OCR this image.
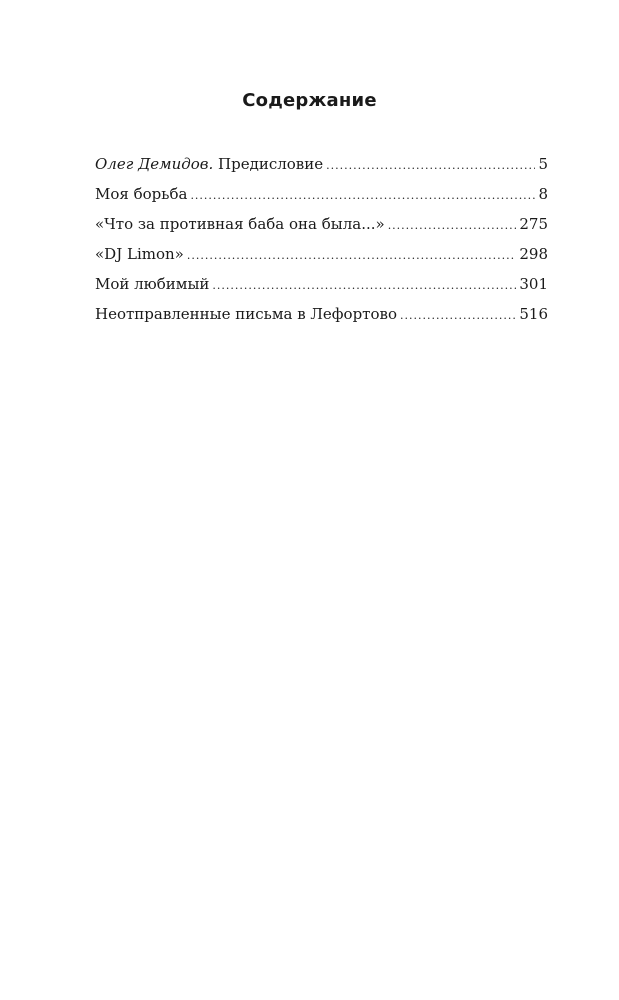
Содержание
Олег Демидов. Предисловие .....	5
Моя борьба .....	8
«Что за противная баба она была...» .....	275
«DJ Limon» .....	298
Мой любимый .....	301
Неотправленные письма в Лефортово .....	516
